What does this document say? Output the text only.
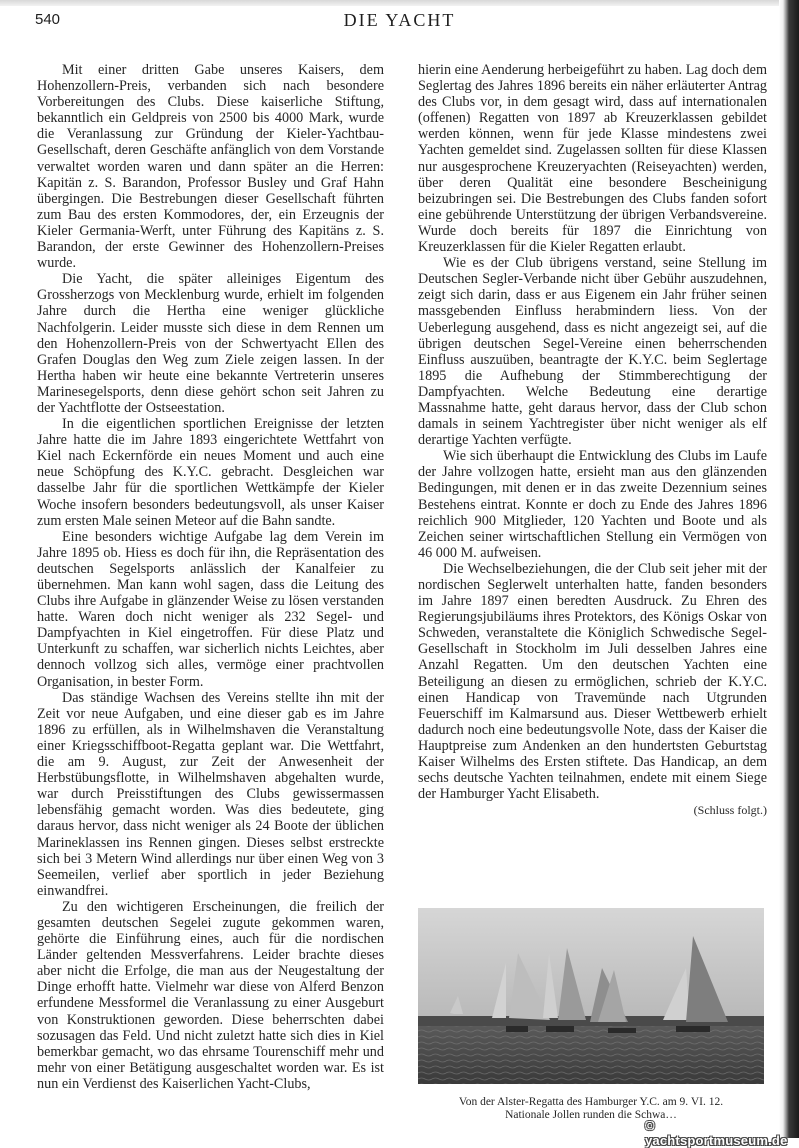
540	DIE YACHT

Mit einer dritten Gabe unseres Kaisers, dem Hohenzollern-Preis, verbanden sich nach besondere Vorbereitungen des Clubs. Diese kaiserliche Stiftung, bekanntlich ein Geldpreis von 2500 bis 4000 Mark, wurde die Veranlassung zur Gründung der Kieler-Yachtbau-Gesellschaft, deren Geschäfte anfänglich von dem Vorstande verwaltet worden waren und dann später an die Herren: Kapitän z. S. Barandon, Professor Busley und Graf Hahn übergingen. Die Bestrebungen dieser Gesellschaft führten zum Bau des ersten Kommodores, der, ein Erzeugnis der Kieler Germania-Werft, unter Führung des Kapitäns z. S. Barandon, der erste Gewinner des Hohenzollern-Preises wurde.

Die Yacht, die später alleiniges Eigentum des Grossherzogs von Mecklenburg wurde, erhielt im folgenden Jahre durch die Hertha eine weniger glückliche Nachfolgerin. Leider musste sich diese in dem Rennen um den Hohenzollern-Preis von der Schwertyacht Ellen des Grafen Douglas den Weg zum Ziele zeigen lassen. In der Hertha haben wir heute eine bekannte Vertreterin unseres Marinesegelsports, denn diese gehört schon seit Jahren zu der Yachtflotte der Ostseestation.

In die eigentlichen sportlichen Ereignisse der letzten Jahre hatte die im Jahre 1893 eingerichtete Wettfahrt von Kiel nach Eckernförde ein neues Moment und auch eine neue Schöpfung des K.Y.C. gebracht. Desgleichen war dasselbe Jahr für die sportlichen Wettkämpfe der Kieler Woche insofern besonders bedeutungsvoll, als unser Kaiser zum ersten Male seinen Meteor auf die Bahn sandte.

Eine besonders wichtige Aufgabe lag dem Verein im Jahre 1895 ob. Hiess es doch für ihn, die Repräsentation des deutschen Segelsports anlässlich der Kanalfeier zu übernehmen. Man kann wohl sagen, dass die Leitung des Clubs ihre Aufgabe in glänzender Weise zu lösen verstanden hatte. Waren doch nicht weniger als 232 Segel- und Dampfyachten in Kiel eingetroffen. Für diese Platz und Unterkunft zu schaffen, war sicherlich nichts Leichtes, aber dennoch vollzog sich alles, vermöge einer prachtvollen Organisation, in bester Form.

Das ständige Wachsen des Vereins stellte ihn mit der Zeit vor neue Aufgaben, und eine dieser gab es im Jahre 1896 zu erfüllen, als in Wilhelmshaven die Veranstaltung einer Kriegsschiffboot-Regatta geplant war. Die Wettfahrt, die am 9. August, zur Zeit der Anwesenheit der Herbstübungsflotte, in Wilhelmshaven abgehalten wurde, war durch Preisstiftungen des Clubs gewissermassen lebensfähig gemacht worden. Was dies bedeutete, ging daraus hervor, dass nicht weniger als 24 Boote der üblichen Marineklassen ins Rennen gingen. Dieses selbst erstreckte sich bei 3 Metern Wind allerdings nur über einen Weg von 3 Seemeilen, verlief aber sportlich in jeder Beziehung einwandfrei.

Zu den wichtigeren Erscheinungen, die freilich der gesamten deutschen Segelei zugute gekommen waren, gehörte die Einführung eines, auch für die nordischen Länder geltenden Messverfahrens. Leider brachte dieses aber nicht die Erfolge, die man aus der Neugestaltung der Dinge erhofft hatte. Vielmehr war diese von Alferd Benzon erfundene Messformel die Veranlassung zu einer Ausgeburt von Konstruktionen geworden. Diese beherrschten dabei sozusagen das Feld. Und nicht zuletzt hatte sich dies in Kiel bemerkbar gemacht, wo das ehrsame Tourenschiff mehr und mehr von einer Betätigung ausgeschaltet worden war. Es ist nun ein Verdienst des Kaiserlichen Yacht-Clubs,

hierin eine Aenderung herbeigeführt zu haben. Lag doch dem Seglertag des Jahres 1896 bereits ein näher erläuterter Antrag des Clubs vor, in dem gesagt wird, dass auf internationalen (offenen) Regatten von 1897 ab Kreuzerklassen gebildet werden können, wenn für jede Klasse mindestens zwei Yachten gemeldet sind. Zugelassen sollten für diese Klassen nur ausgesprochene Kreuzeryachten (Reiseyachten) werden, über deren Qualität eine besondere Bescheinigung beizubringen sei. Die Bestrebungen des Clubs fanden sofort eine gebührende Unterstützung der übrigen Verbandsvereine. Wurde doch bereits für 1897 die Einrichtung von Kreuzerklassen für die Kieler Regatten erlaubt.

Wie es der Club übrigens verstand, seine Stellung im Deutschen Segler-Verbande nicht über Gebühr auszudehnen, zeigt sich darin, dass er aus Eigenem ein Jahr früher seinen massgebenden Einfluss herabmindern liess. Von der Ueberlegung ausgehend, dass es nicht angezeigt sei, auf die übrigen deutschen Segel-Vereine einen beherrschenden Einfluss auszuüben, beantragte der K.Y.C. beim Seglertage 1895 die Aufhebung der Stimmberechtigung der Dampfyachten. Welche Bedeutung eine derartige Massnahme hatte, geht daraus hervor, dass der Club schon damals in seinem Yachtregister über nicht weniger als elf derartige Yachten verfügte.

Wie sich überhaupt die Entwicklung des Clubs im Laufe der Jahre vollzogen hatte, ersieht man aus den glänzenden Bedingungen, mit denen er in das zweite Dezennium seines Bestehens eintrat. Konnte er doch zu Ende des Jahres 1896 reichlich 900 Mitglieder, 120 Yachten und Boote und als Zeichen seiner wirtschaftlichen Stellung ein Vermögen von 46 000 M. aufweisen.

Die Wechselbeziehungen, die der Club seit jeher mit der nordischen Seglerwelt unterhalten hatte, fanden besonders im Jahre 1897 einen beredten Ausdruck. Zu Ehren des Regierungsjubiläums ihres Protektors, des Königs Oskar von Schweden, veranstaltete die Königlich Schwedische Segel-Gesellschaft in Stockholm im Juli desselben Jahres eine Anzahl Regatten. Um den deutschen Yachten eine Beteiligung an diesen zu ermöglichen, schrieb der K.Y.C. einen Handicap von Travemünde nach Utgrunden Feuerschiff im Kalmarsund aus. Dieser Wettbewerb erhielt dadurch noch eine bedeutungsvolle Note, dass der Kaiser die Hauptpreise zum Andenken an den hundertsten Geburtstag Kaiser Wilhelms des Ersten stiftete. Das Handicap, an dem sechs deutsche Yachten teilnahmen, endete mit einem Siege der Hamburger Yacht Elisabeth.

(Schluss folgt.)
Von der Alster-Regatta des Hamburger Y.C. am 9. VI. 12.
Nationale Jollen runden die Schwa…
© yachtsportmuseum.de
